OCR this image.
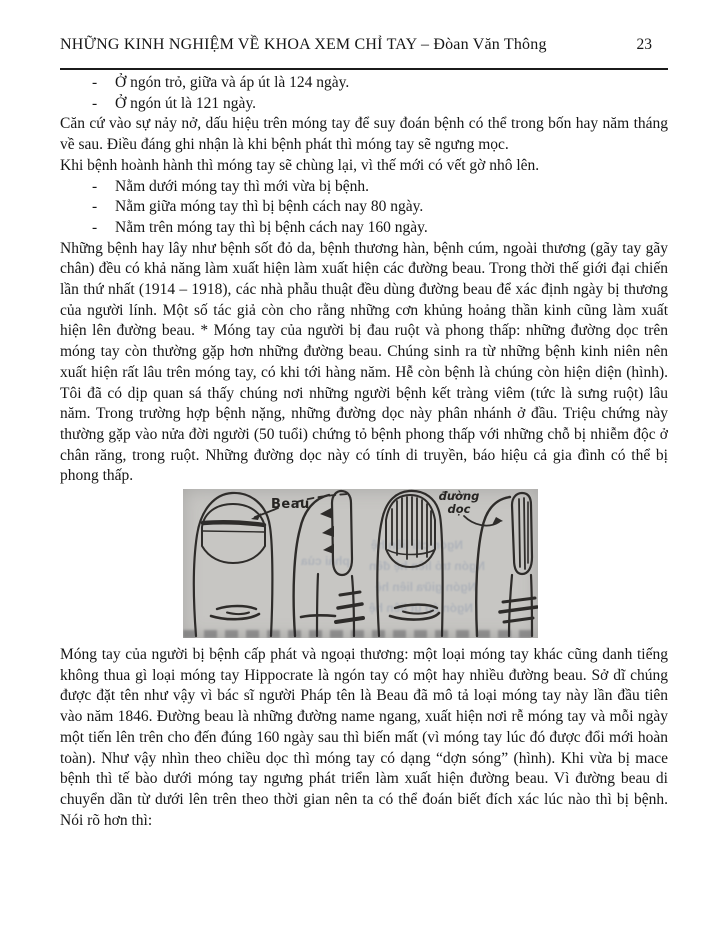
NHỮNG KINH NGHIỆM VỀ KHOA XEM CHỈ TAY – Đòan Văn Thông	23
-	Ở ngón trỏ, giữa và áp út là 124 ngày.
-	Ở ngón út là 121 ngày.

Căn cứ vào sự nảy nở, dấu hiệu trên móng tay để suy đoán bệnh có thể trong bốn hay năm tháng về sau. Điều đáng ghi nhận là khi bệnh phát thì móng tay sẽ ngưng mọc.

Khi bệnh hoành hành thì móng tay sẽ chùng lại, vì thế mới có vết gờ nhô lên.

-	Nằm dưới móng tay thì mới vừa bị bệnh.
-	Nằm giữa móng tay thì bị bệnh cách nay 80 ngày.
-	Nằm trên móng tay thì bị bệnh cách nay 160 ngày.

Những bệnh hay lây như bệnh sốt đỏ da, bệnh thương hàn, bệnh cúm, ngoài thương (gãy tay gãy chân) đều có khả năng làm xuất hiện làm xuất hiện các đường beau. Trong thời thế giới đại chiến lần thứ nhất (1914 – 1918), các nhà phẫu thuật đều dùng đường beau để xác định ngày bị thương của người lính. Một số tác giả còn cho rằng những cơn khủng hoảng thần kinh cũng làm xuất hiện lên đường beau. * Móng tay của người bị đau ruột và phong thấp: những đường dọc trên móng tay còn thường gặp hơn những đường beau. Chúng sinh ra từ những bệnh kinh niên nên xuất hiện rất lâu trên móng tay, có khi tới hàng năm. Hễ còn bệnh là chúng còn hiện diện (hình). Tôi đã có dịp quan sá thấy chúng nơi những người bệnh kết tràng viêm (tức là sưng ruột) lâu năm. Trong trường hợp bệnh nặng, những đường dọc này phân nhánh ở đầu. Triệu chứng này thường gặp vào nửa đời người (50 tuổi) chứng tỏ bệnh phong thấp với những chỗ bị nhiễm độc ở chân răng, trong ruột. Những đường dọc này có tính di truyền, báo hiệu cả gia đình có thể bị phong thấp.

Ngón cái liên hệ
Ngón trỏ liên hệ đến
Ngón giữa liên hệ
Ngón áp út liên hệ
phải của
Beau
đường
dọc

Móng tay của người bị bệnh cấp phát và ngoại thương: một loại móng tay khác cũng danh tiếng không thua gì loại móng tay Hippocrate là ngón tay có một hay nhiều đường beau. Sở dĩ chúng được đặt tên như vậy vì bác sĩ người Pháp tên là Beau đã mô tả loại móng tay này lần đầu tiên vào năm 1846. Đường beau là những đường name ngang, xuất hiện nơi rễ móng tay và mỗi ngày một tiến lên trên cho đến đúng 160 ngày sau thì biến mất (vì móng tay lúc đó được đổi mới hoàn toàn). Như vậy nhìn theo chiều dọc thì móng tay có dạng “dợn sóng” (hình). Khi vừa bị mace bệnh thì tế bào dưới móng tay ngưng phát triển làm xuất hiện đường beau. Vì đường beau di chuyển dần từ dưới lên trên theo thời gian nên ta có thể đoán biết đích xác lúc nào thì bị bệnh. Nói rõ hơn thì:
